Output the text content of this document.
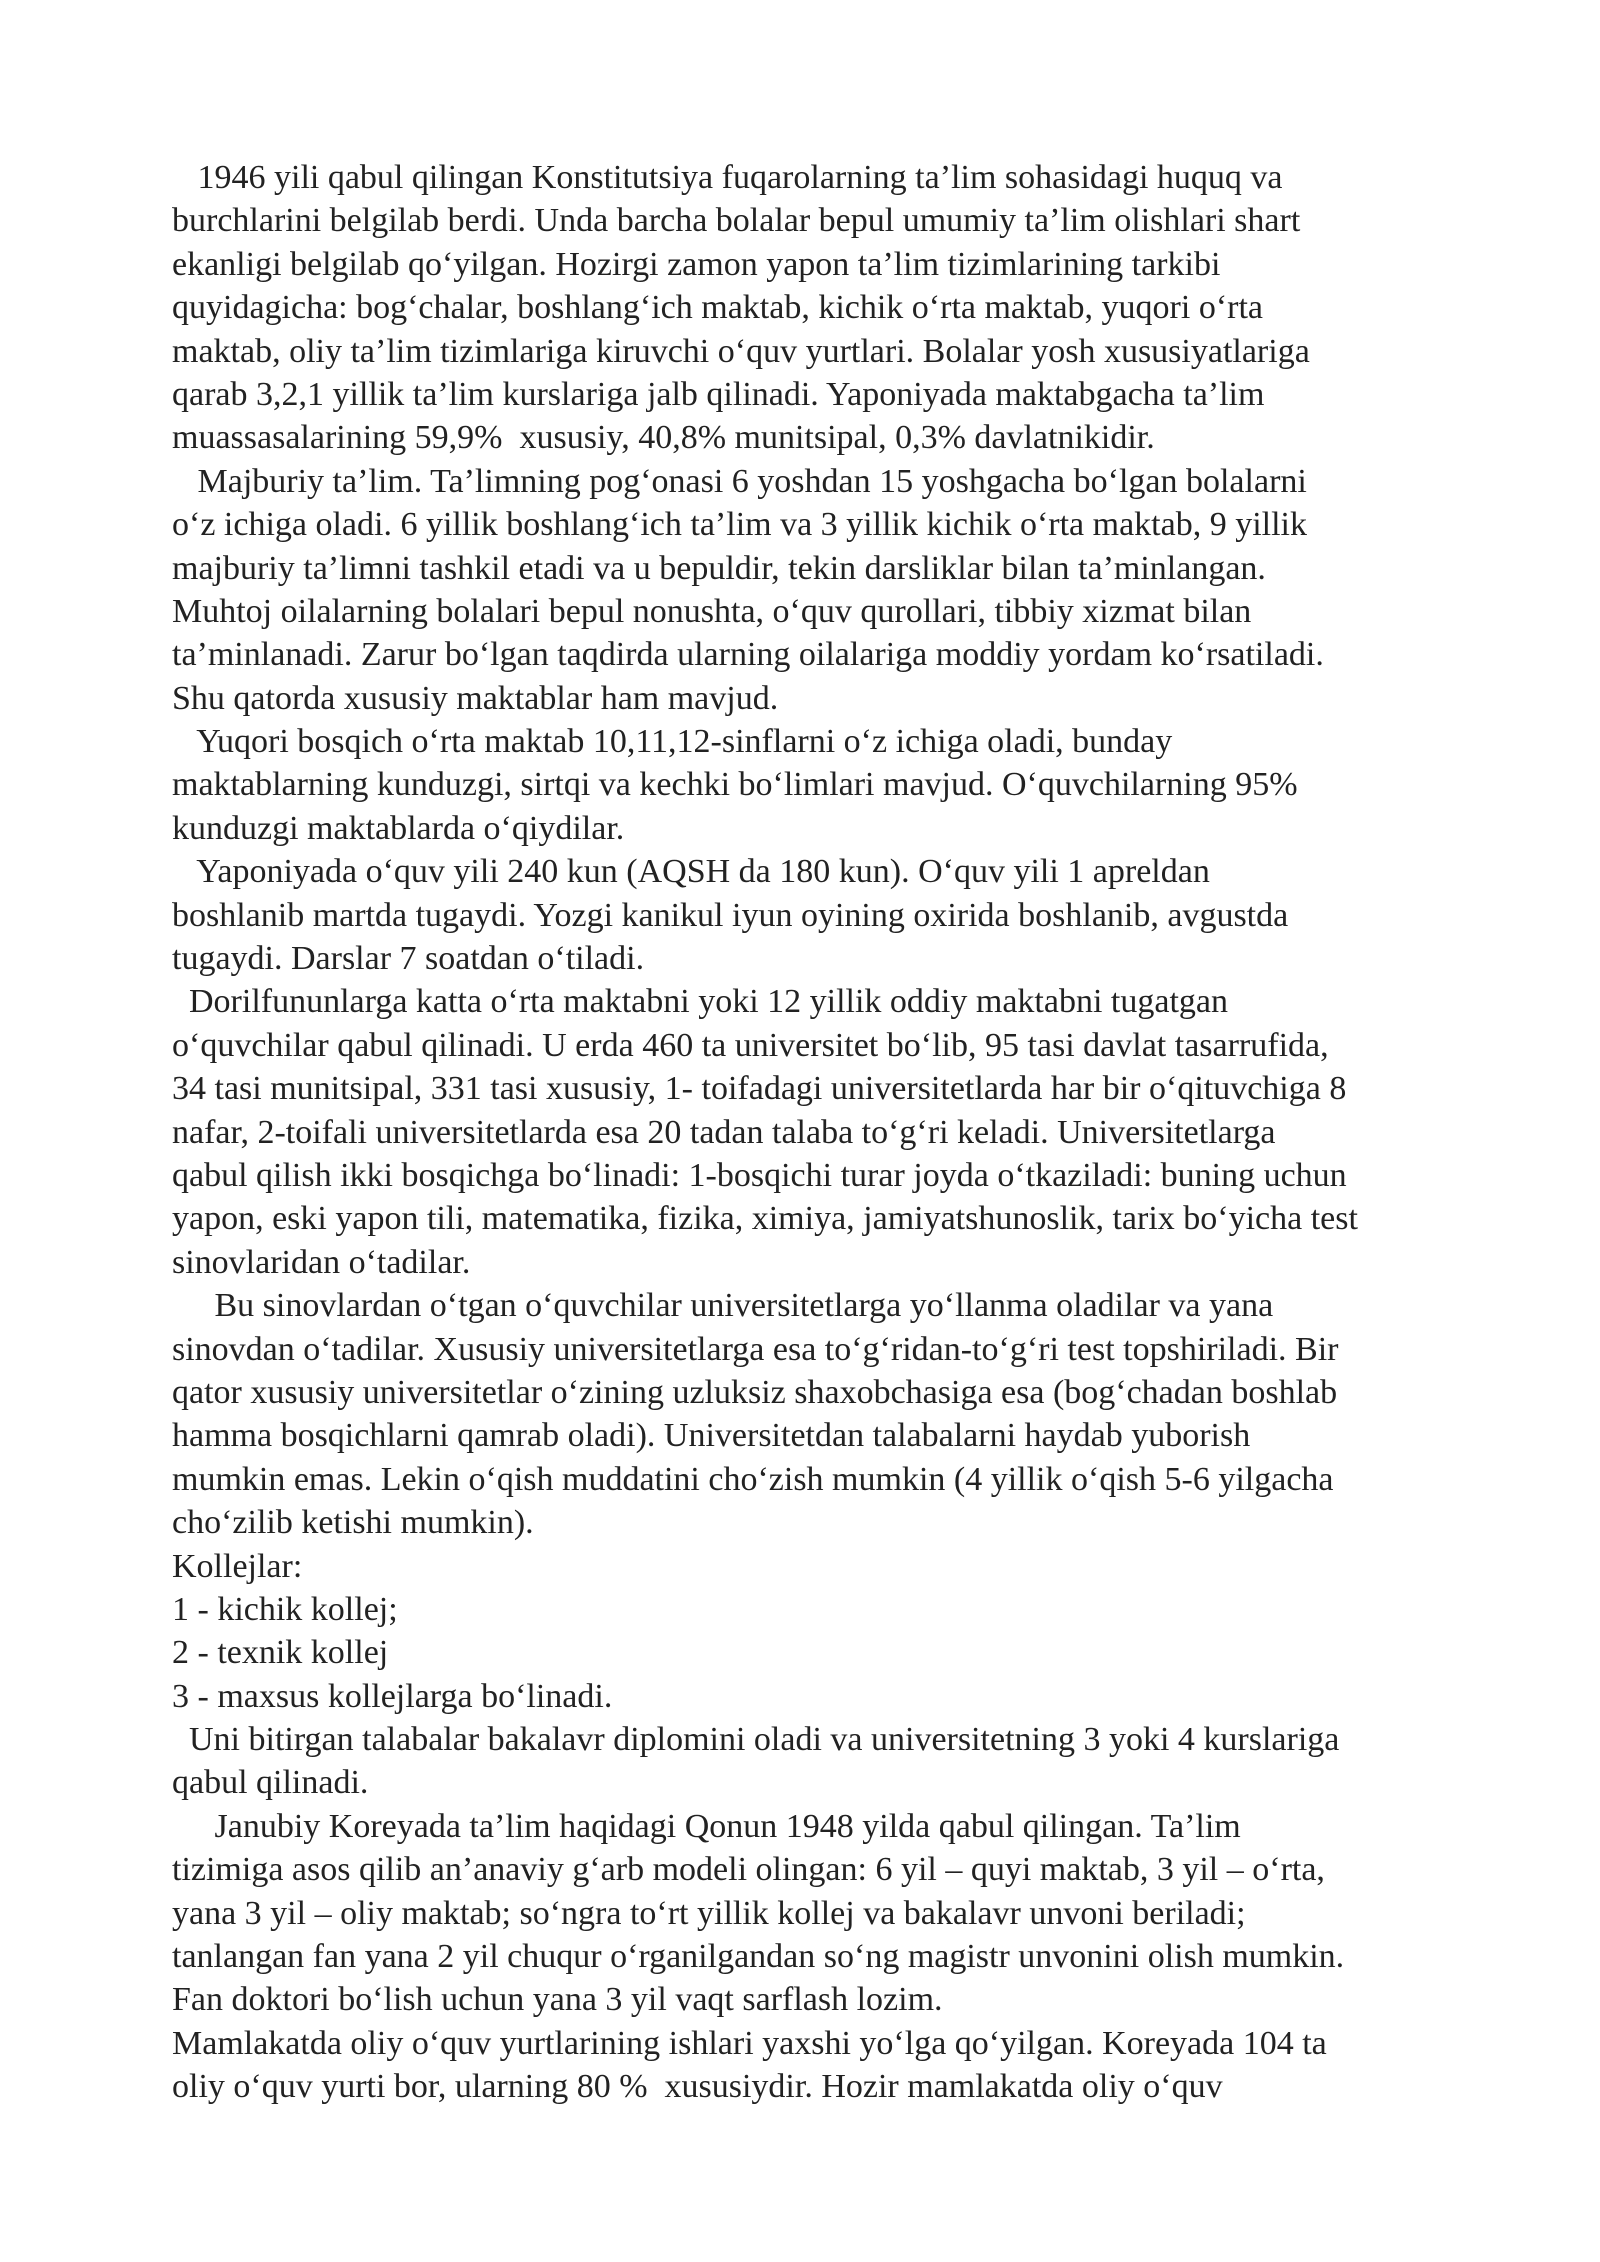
1946 yili qabul qilingan Konstitutsiya fuqarolarning ta’lim sohasidagi huquq va
burchlarini belgilab berdi. Unda barcha bolalar bepul umumiy ta’lim olishlari shart
ekanligi belgilab qo‘yilgan. Hozirgi zamon yapon ta’lim tizimlarining tarkibi
quyidagicha: bog‘chalar, boshlang‘ich maktab, kichik o‘rta maktab, yuqori o‘rta
maktab, oliy ta’lim tizimlariga kiruvchi o‘quv yurtlari. Bolalar yosh xususiyatlariga
qarab 3,2,1 yillik ta’lim kurslariga jalb qilinadi. Yaponiyada maktabgacha ta’lim
muassasalarining 59,9%  xususiy, 40,8% munitsipal, 0,3% davlatnikidir.
Majburiy ta’lim. Ta’limning pog‘onasi 6 yoshdan 15 yoshgacha bo‘lgan bolalarni
o‘z ichiga oladi. 6 yillik boshlang‘ich ta’lim va 3 yillik kichik o‘rta maktab, 9 yillik
majburiy ta’limni tashkil etadi va u bepuldir, tekin darsliklar bilan ta’minlangan.
Muhtoj oilalarning bolalari bepul nonushta, o‘quv qurollari, tibbiy xizmat bilan
ta’minlanadi. Zarur bo‘lgan taqdirda ularning oilalariga moddiy yordam ko‘rsatiladi.
Shu qatorda xususiy maktablar ham mavjud.
Yuqori bosqich o‘rta maktab 10,11,12-sinflarni o‘z ichiga oladi, bunday
maktablarning kunduzgi, sirtqi va kechki bo‘limlari mavjud. O‘quvchilarning 95%
kunduzgi maktablarda o‘qiydilar.
Yaponiyada o‘quv yili 240 kun (AQSH da 180 kun). O‘quv yili 1 apreldan
boshlanib martda tugaydi. Yozgi kanikul iyun oyining oxirida boshlanib, avgustda
tugaydi. Darslar 7 soatdan o‘tiladi.
Dorilfununlarga katta o‘rta maktabni yoki 12 yillik oddiy maktabni tugatgan
o‘quvchilar qabul qilinadi. U erda 460 ta universitet bo‘lib, 95 tasi davlat tasarrufida,
34 tasi munitsipal, 331 tasi xususiy, 1- toifadagi universitetlarda har bir o‘qituvchiga 8
nafar, 2-toifali universitetlarda esa 20 tadan talaba to‘g‘ri keladi. Universitetlarga
qabul qilish ikki bosqichga bo‘linadi: 1-bosqichi turar joyda o‘tkaziladi: buning uchun
yapon, eski yapon tili, matematika, fizika, ximiya, jamiyatshunoslik, tarix bo‘yicha test
sinovlaridan o‘tadilar.
Bu sinovlardan o‘tgan o‘quvchilar universitetlarga yo‘llanma oladilar va yana
sinovdan o‘tadilar. Xususiy universitetlarga esa to‘g‘ridan-to‘g‘ri test topshiriladi. Bir
qator xususiy universitetlar o‘zining uzluksiz shaxobchasiga esa (bog‘chadan boshlab
hamma bosqichlarni qamrab oladi). Universitetdan talabalarni haydab yuborish
mumkin emas. Lekin o‘qish muddatini cho‘zish mumkin (4 yillik o‘qish 5-6 yilgacha
cho‘zilib ketishi mumkin).
Kollejlar:
1 - kichik kollej;
2 - texnik kollej
3 - maxsus kollejlarga bo‘linadi.
Uni bitirgan talabalar bakalavr diplomini oladi va universitetning 3 yoki 4 kurslariga
qabul qilinadi.
Janubiy Koreyada ta’lim haqidagi Qonun 1948 yilda qabul qilingan. Ta’lim
tizimiga asos qilib an’anaviy g‘arb modeli olingan: 6 yil – quyi maktab, 3 yil – o‘rta,
yana 3 yil – oliy maktab; so‘ngra to‘rt yillik kollej va bakalavr unvoni beriladi;
tanlangan fan yana 2 yil chuqur o‘rganilgandan so‘ng magistr unvonini olish mumkin.
Fan doktori bo‘lish uchun yana 3 yil vaqt sarflash lozim.
Mamlakatda oliy o‘quv yurtlarining ishlari yaxshi yo‘lga qo‘yilgan. Koreyada 104 ta
oliy o‘quv yurti bor, ularning 80 %  xususiydir. Hozir mamlakatda oliy o‘quv
